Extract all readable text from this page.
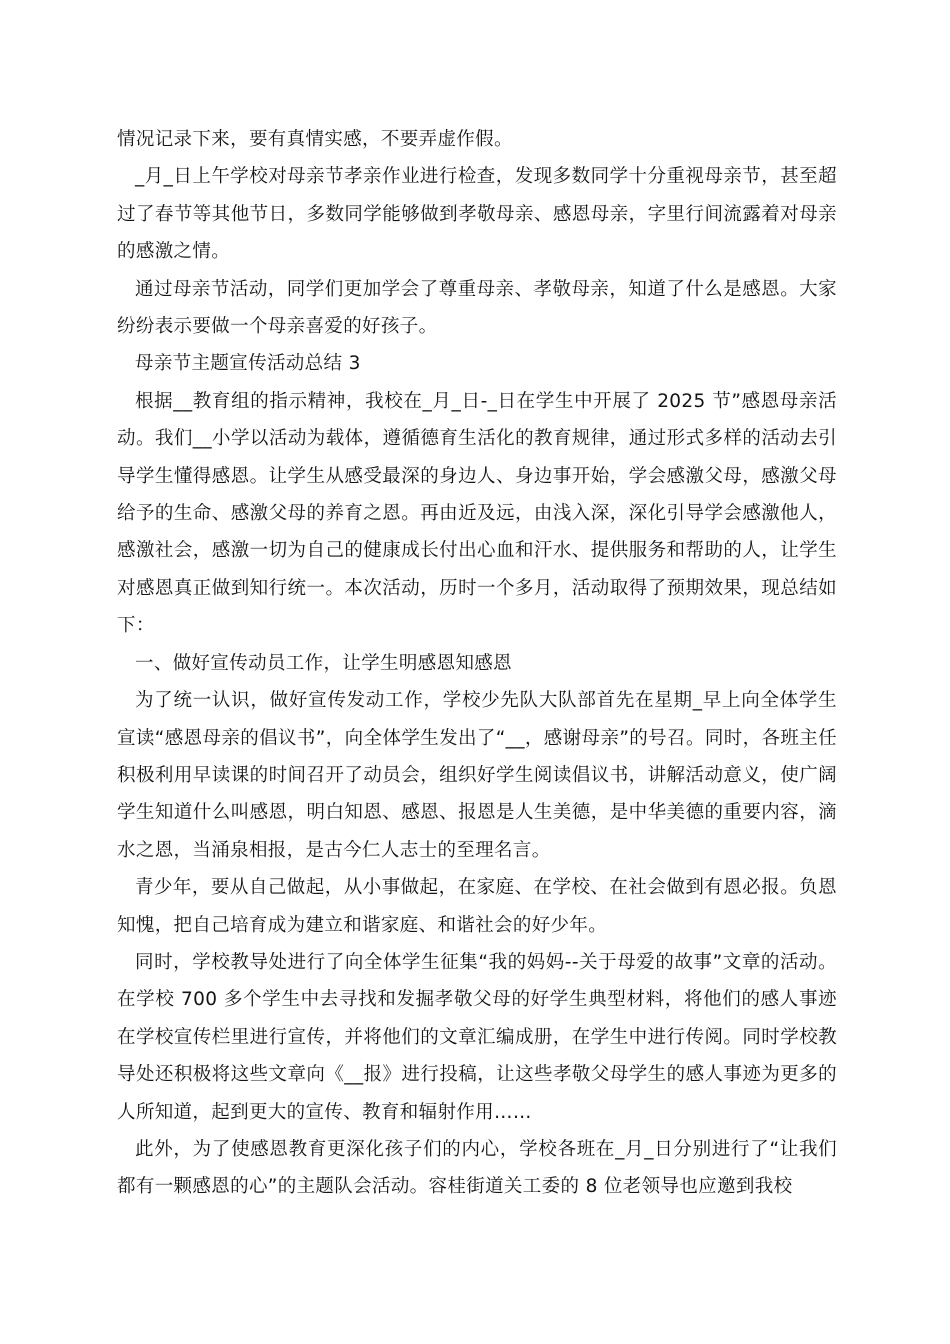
情况记录下来，要有真情实感，不要弄虚作假。

_月_日上午学校对母亲节孝亲作业进行检查，发现多数同学十分重视母亲节，甚至超过了春节等其他节日，多数同学能够做到孝敬母亲、感恩母亲，字里行间流露着对母亲的感激之情。

通过母亲节活动，同学们更加学会了尊重母亲、孝敬母亲，知道了什么是感恩。大家纷纷表示要做一个母亲喜爱的好孩子。

母亲节主题宣传活动总结 3

根据__教育组的指示精神，我校在_月_日-_日在学生中开展了 2025 节”感恩母亲活动。我们__小学以活动为载体，遵循德育生活化的教育规律，通过形式多样的活动去引导学生懂得感恩。让学生从感受最深的身边人、身边事开始，学会感激父母，感激父母给予的生命、感激父母的养育之恩。再由近及远，由浅入深，深化引导学会感激他人，感激社会，感激一切为自己的健康成长付出心血和汗水、提供服务和帮助的人，让学生对感恩真正做到知行统一。本次活动，历时一个多月，活动取得了预期效果，现总结如下：

一、做好宣传动员工作，让学生明感恩知感恩

为了统一认识，做好宣传发动工作，学校少先队大队部首先在星期_早上向全体学生宣读“感恩母亲的倡议书”，向全体学生发出了“__，感谢母亲”的号召。同时，各班主任积极利用早读课的时间召开了动员会，组织好学生阅读倡议书，讲解活动意义，使广阔学生知道什么叫感恩，明白知恩、感恩、报恩是人生美德，是中华美德的重要内容，滴水之恩，当涌泉相报，是古今仁人志士的至理名言。

青少年，要从自己做起，从小事做起，在家庭、在学校、在社会做到有恩必报。负恩知愧，把自己培育成为建立和谐家庭、和谐社会的好少年。

同时，学校教导处进行了向全体学生征集“我的妈妈--关于母爱的故事”文章的活动。在学校 700 多个学生中去寻找和发掘孝敬父母的好学生典型材料，将他们的感人事迹在学校宣传栏里进行宣传，并将他们的文章汇编成册，在学生中进行传阅。同时学校教导处还积极将这些文章向《__报》进行投稿，让这些孝敬父母学生的感人事迹为更多的人所知道，起到更大的宣传、教育和辐射作用……

此外，为了使感恩教育更深化孩子们的内心，学校各班在_月_日分别进行了“让我们都有一颗感恩的心”的主题队会活动。容桂街道关工委的 8 位老领导也应邀到我校
